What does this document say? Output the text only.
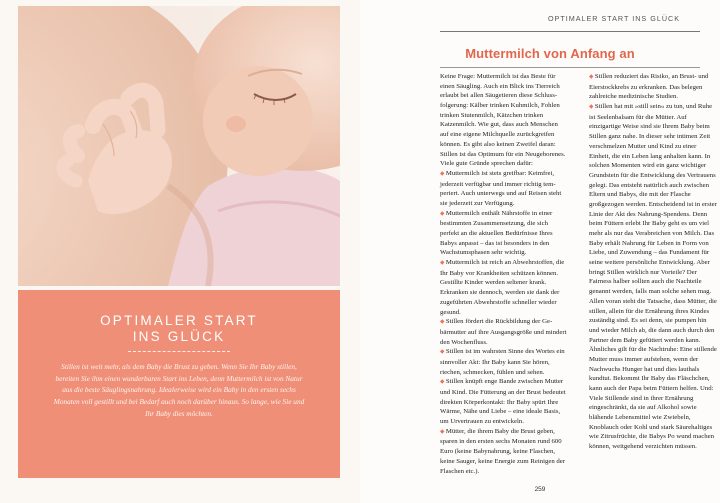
OPTIMALER START
INS GLÜCK
Stillen ist weit mehr, als dem Baby die Brust zu geben. Wenn Sie Ihr Baby stillen, bereiten Sie ihm einen wunderbaren Start ins Leben, denn Muttermilch ist von Natur aus die beste Säuglingsnahrung. Idealerweise wird ein Baby in den ersten sechs Monaten voll gestillt und bei Bedarf auch noch darüber hinaus. So lange, wie Sie und Ihr Baby dies möchten.
OPTIMALER START INS GLÜCK
Muttermilch von Anfang an

Keine Frage: Muttermilch ist das Beste für einen Säugling. Auch ein Blick ins Tierreich erlaubt bei allen Säugetieren diese Schlussfolgerung: Kälber trinken Kuhmilch, Fohlen trinken Stutenmilch, Kätzchen trinken Katzenmilch. Wie gut, dass auch Menschen auf eine eigene Milchquelle zurückgreifen können. Es gibt also keinen Zweifel daran: Stillen ist das Optimum für ein Neugeborenes. Viele gute Gründe sprechen dafür:

◆ Muttermilch ist stets greifbar: Keimfrei, jederzeit verfügbar und immer richtig temperiert. Auch unterwegs und auf Reisen steht sie jederzeit zur Verfügung.

◆ Muttermilch enthält Nährstoffe in einer bestimmten Zusammensetzung, die sich perfekt an die aktuellen Bedürfnisse Ihres Babys anpasst – das ist besonders in den Wachstumsphasen sehr wichtig.

◆ Muttermilch ist reich an Abwehrstoffen, die Ihr Baby vor Krankheiten schützen können. Gestillte Kinder werden seltener krank. Erkranken sie dennoch, werden sie dank der zugeführten Abwehrstoffe schneller wieder gesund.

◆ Stillen fördert die Rückbildung der Gebärmutter auf ihre Ausgangsgröße und mindert den Wochenfluss.

◆ Stillen ist im wahrsten Sinne des Wortes ein sinnvoller Akt: Ihr Baby kann Sie hören, riechen, schmecken, fühlen und sehen.

◆ Stillen knüpft enge Bande zwischen Mutter und Kind. Die Fütterung an der Brust bedeutet direkten Körperkontakt: Ihr Baby spürt Ihre Wärme, Nähe und Liebe – eine ideale Basis, um Urvertrauen zu entwickeln.

◆ Mütter, die ihrem Baby die Brust geben, sparen in den ersten sechs Monaten rund 600 Euro (keine Babynahrung, keine Flaschen, keine Sauger, keine Energie zum Reinigen der Flaschen etc.).

◆ Stillen reduziert das Risiko, an Brust- und Eierstockkrebs zu erkranken. Das belegen zahlreiche medizinische Studien.

◆ Stillen hat mit »still sein« zu tun, und Ruhe ist Seelenbalsam für die Mütter. Auf einzigartige Weise sind sie Ihrem Baby beim Stillen ganz nahe. In dieser sehr intimen Zeit verschmelzen Mutter und Kind zu einer Einheit, die ein Leben lang anhalten kann. In solchen Momenten wird ein ganz wichtiger Grundstein für die Entwicklung des Vertrauens gelegt. Das entsteht natürlich auch zwischen Eltern und Babys, die mit der Flasche großgezogen werden. Entscheidend ist in erster Linie der Akt des Nahrung-Spendens. Denn beim Füttern erlebt Ihr Baby geht es um viel mehr als nur das Verabreichen von Milch. Das Baby erhält Nahrung für Leben in Form von Liebe, und Zuwendung – das Fundament für seine weitere persönliche Entwicklung. Aber bringt Stillen wirklich nur Vorteile? Der Fairness halber sollten auch die Nachteile genannt werden, falls man solche sehen mag. Allen voran steht die Tatsache, dass Mütter, die stillen, allein für die Ernährung ihres Kindes zuständig sind. Es sei denn, sie pumpen hin und wieder Milch ab, die dann auch durch den Partner dem Baby gefüttert werden kann. Ähnliches gilt für die Nachtruhe: Eine stillende Mutter muss immer aufstehen, wenn der Nachwuchs Hunger hat und dies lauthals kundtut. Bekommt Ihr Baby das Fläschchen, kann auch der Papa beim Füttern helfen. Und: Viele Stillende sind in ihrer Ernährung eingeschränkt, da sie auf Alkohol sowie blähende Lebensmittel wie Zwiebeln, Knoblauch oder Kohl und stark Säurehaltiges wie Zitrusfrüchte, die Babys Po wund machen können, weitgehend verzichten müssen.

259
